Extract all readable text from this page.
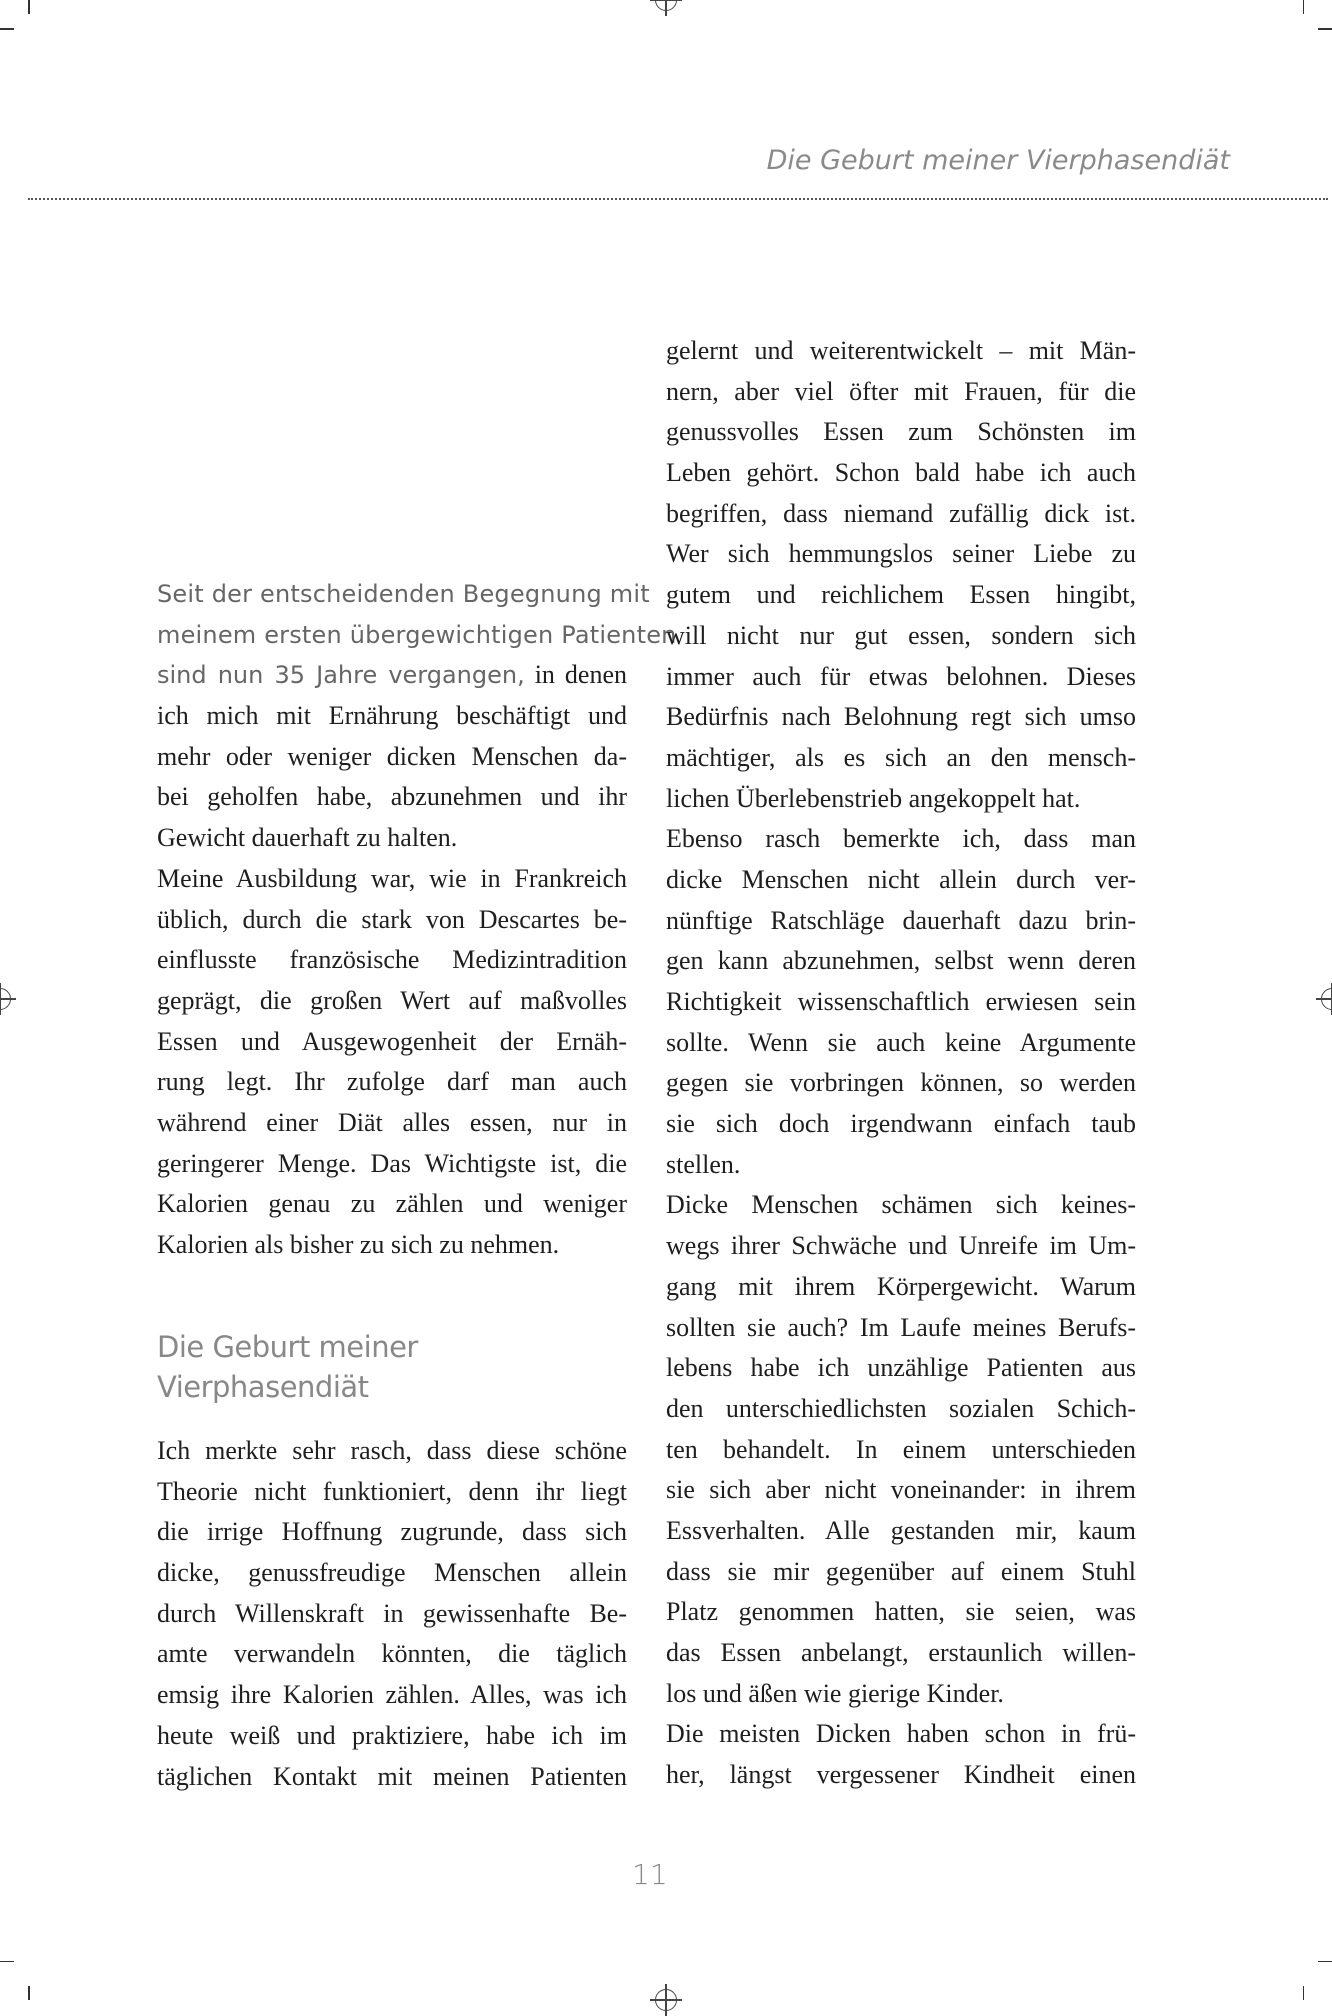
Die Geburt meiner Vierphasendiät
Seit der entscheidenden Begegnung mit
meinem ersten übergewichtigen Patienten
sind nun 35 Jahre vergangen, in denen
ich mich mit Ernährung beschäftigt und
mehr oder weniger dicken Menschen da-
bei geholfen habe, abzunehmen und ihr
Gewicht dauerhaft zu halten.
Meine Ausbildung war, wie in Frankreich
üblich, durch die stark von Descartes be-
einflusste französische Medizintradition
geprägt, die großen Wert auf maßvolles
Essen und Ausgewogenheit der Ernäh-
rung legt. Ihr zufolge darf man auch
während einer Diät alles essen, nur in
geringerer Menge. Das Wichtigste ist, die
Kalorien genau zu zählen und weniger
Kalorien als bisher zu sich zu nehmen.
Die Geburt meiner
Vierphasendiät
Ich merkte sehr rasch, dass diese schöne
Theorie nicht funktioniert, denn ihr liegt
die irrige Hoffnung zugrunde, dass sich
dicke, genussfreudige Menschen allein
durch Willenskraft in gewissenhafte Be-
amte verwandeln könnten, die täglich
emsig ihre Kalorien zählen. Alles, was ich
heute weiß und praktiziere, habe ich im
täglichen Kontakt mit meinen Patienten
gelernt und weiterentwickelt – mit Män-
nern, aber viel öfter mit Frauen, für die
genussvolles Essen zum Schönsten im
Leben gehört. Schon bald habe ich auch
begriffen, dass niemand zufällig dick ist.
Wer sich hemmungslos seiner Liebe zu
gutem und reichlichem Essen hingibt,
will nicht nur gut essen, sondern sich
immer auch für etwas belohnen. Dieses
Bedürfnis nach Belohnung regt sich umso
mächtiger, als es sich an den mensch-
lichen Überlebenstrieb angekoppelt hat.
Ebenso rasch bemerkte ich, dass man
dicke Menschen nicht allein durch ver-
nünftige Ratschläge dauerhaft dazu brin-
gen kann abzunehmen, selbst wenn deren
Richtigkeit wissenschaftlich erwiesen sein
sollte. Wenn sie auch keine Argumente
gegen sie vorbringen können, so werden
sie sich doch irgendwann einfach taub
stellen.
Dicke Menschen schämen sich keines-
wegs ihrer Schwäche und Unreife im Um-
gang mit ihrem Körpergewicht. Warum
sollten sie auch? Im Laufe meines Berufs-
lebens habe ich unzählige Patienten aus
den unterschiedlichsten sozialen Schich-
ten behandelt. In einem unterschieden
sie sich aber nicht voneinander: in ihrem
Essverhalten. Alle gestanden mir, kaum
dass sie mir gegenüber auf einem Stuhl
Platz genommen hatten, sie seien, was
das Essen anbelangt, erstaunlich willen-
los und äßen wie gierige Kinder.
Die meisten Dicken haben schon in frü-
her, längst vergessener Kindheit einen
11
